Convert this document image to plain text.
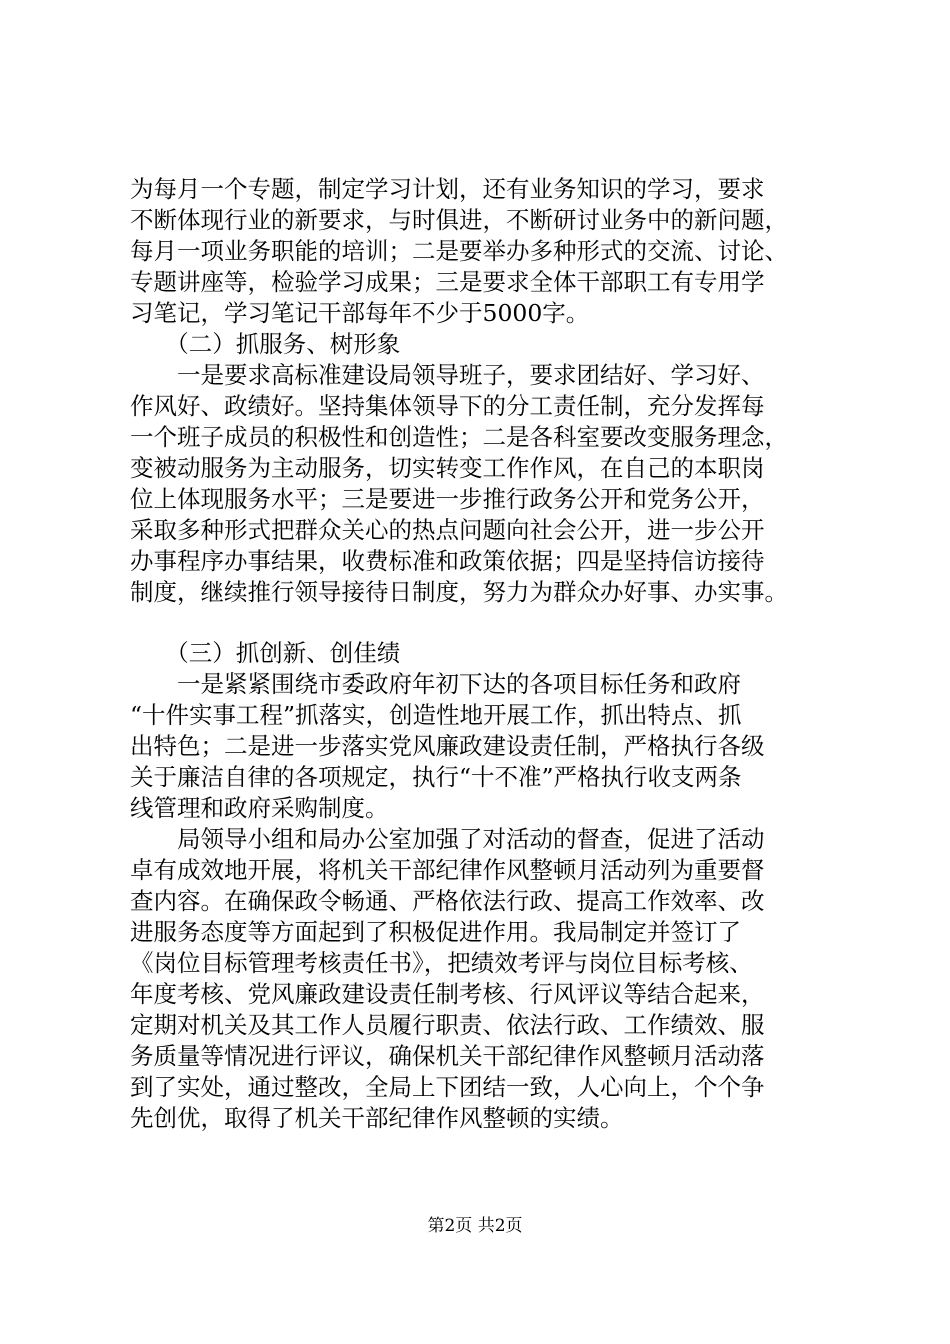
为每月一个专题，制定学习计划，还有业务知识的学习，要求
不断体现行业的新要求，与时俱进，不断研讨业务中的新问题，
每月一项业务职能的培训；二是要举办多种形式的交流、讨论、
专题讲座等，检验学习成果；三是要求全体干部职工有专用学
习笔记，学习笔记干部每年不少于5000字。
　　（二）抓服务、树形象
　　一是要求高标准建设局领导班子，要求团结好、学习好、
作风好、政绩好。坚持集体领导下的分工责任制，充分发挥每
一个班子成员的积极性和创造性；二是各科室要改变服务理念，
变被动服务为主动服务，切实转变工作作风，在自己的本职岗
位上体现服务水平；三是要进一步推行政务公开和党务公开，
采取多种形式把群众关心的热点问题向社会公开，进一步公开
办事程序办事结果，收费标准和政策依据；四是坚持信访接待
制度，继续推行领导接待日制度，努力为群众办好事、办实事。
　　（三）抓创新、创佳绩
　　一是紧紧围绕市委政府年初下达的各项目标任务和政府
“十件实事工程”抓落实，创造性地开展工作，抓出特点、抓
出特色；二是进一步落实党风廉政建设责任制，严格执行各级
关于廉洁自律的各项规定，执行“十不准”严格执行收支两条
线管理和政府采购制度。
　　局领导小组和局办公室加强了对活动的督查，促进了活动
卓有成效地开展，将机关干部纪律作风整顿月活动列为重要督
查内容。在确保政令畅通、严格依法行政、提高工作效率、改
进服务态度等方面起到了积极促进作用。我局制定并签订了
《岗位目标管理考核责任书》，把绩效考评与岗位目标考核、
年度考核、党风廉政建设责任制考核、行风评议等结合起来，
定期对机关及其工作人员履行职责、依法行政、工作绩效、服
务质量等情况进行评议，确保机关干部纪律作风整顿月活动落
到了实处，通过整改，全局上下团结一致，人心向上，个个争
先创优，取得了机关干部纪律作风整顿的实绩。
第2页 共2页
